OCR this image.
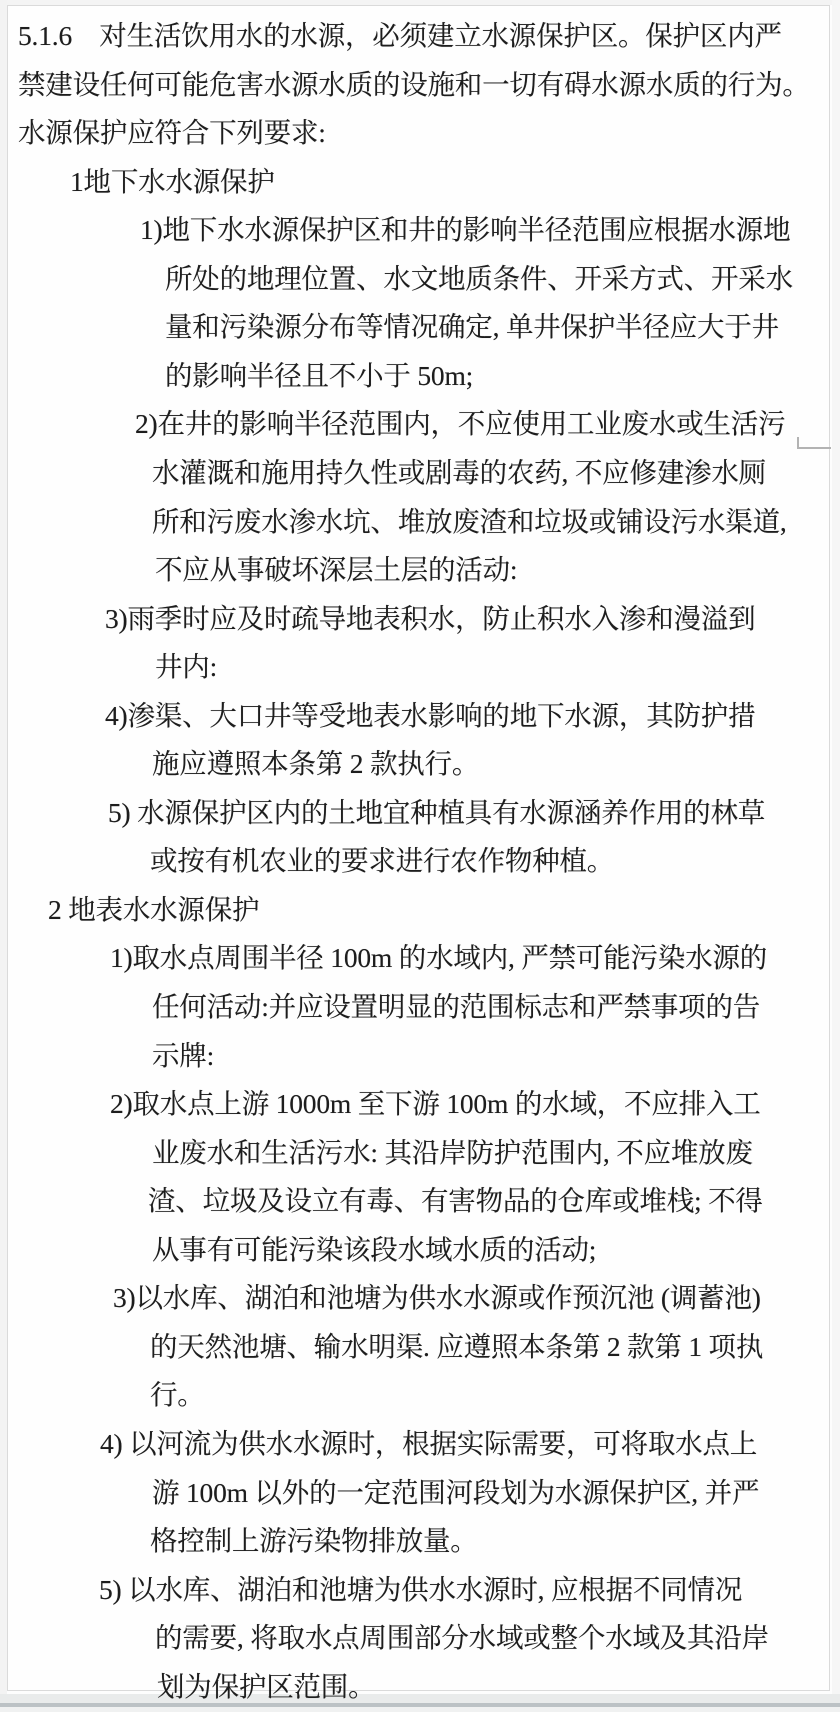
5.1.6　对生活饮用水的水源，必须建立水源保护区。保护区内严
禁建设任何可能危害水源水质的设施和一切有碍水源水质的行为。
水源保护应符合下列要求:
1地下水水源保护
1)地下水水源保护区和井的影响半径范围应根据水源地
所处的地理位置、水文地质条件、开采方式、开采水
量和污染源分布等情况确定, 单井保护半径应大于井
的影响半径且不小于 50m;
2)在井的影响半径范围内，不应使用工业废水或生活污
水灌溉和施用持久性或剧毒的农药, 不应修建渗水厕
所和污废水渗水坑、堆放废渣和垃圾或铺设污水渠道,
不应从事破坏深层土层的活动:
3)雨季时应及时疏导地表积水，防止积水入渗和漫溢到
井内:
4)渗渠、大口井等受地表水影响的地下水源，其防护措
施应遵照本条第 2 款执行。
5) 水源保护区内的土地宜种植具有水源涵养作用的林草
或按有机农业的要求进行农作物种植。
2 地表水水源保护
1)取水点周围半径 100m 的水域内, 严禁可能污染水源的
任何活动:并应设置明显的范围标志和严禁事项的告
示牌:
2)取水点上游 1000m 至下游 100m 的水域，不应排入工
业废水和生活污水: 其沿岸防护范围内, 不应堆放废
渣、垃圾及设立有毒、有害物品的仓库或堆栈; 不得
从事有可能污染该段水域水质的活动;
3)以水库、湖泊和池塘为供水水源或作预沉池 (调蓄池)
的天然池塘、输水明渠. 应遵照本条第 2 款第 1 项执
行。
4) 以河流为供水水源时，根据实际需要，可将取水点上
游 100m 以外的一定范围河段划为水源保护区, 并严
格控制上游污染物排放量。
5) 以水库、湖泊和池塘为供水水源时, 应根据不同情况
的需要, 将取水点周围部分水域或整个水域及其沿岸
划为保护区范围。
